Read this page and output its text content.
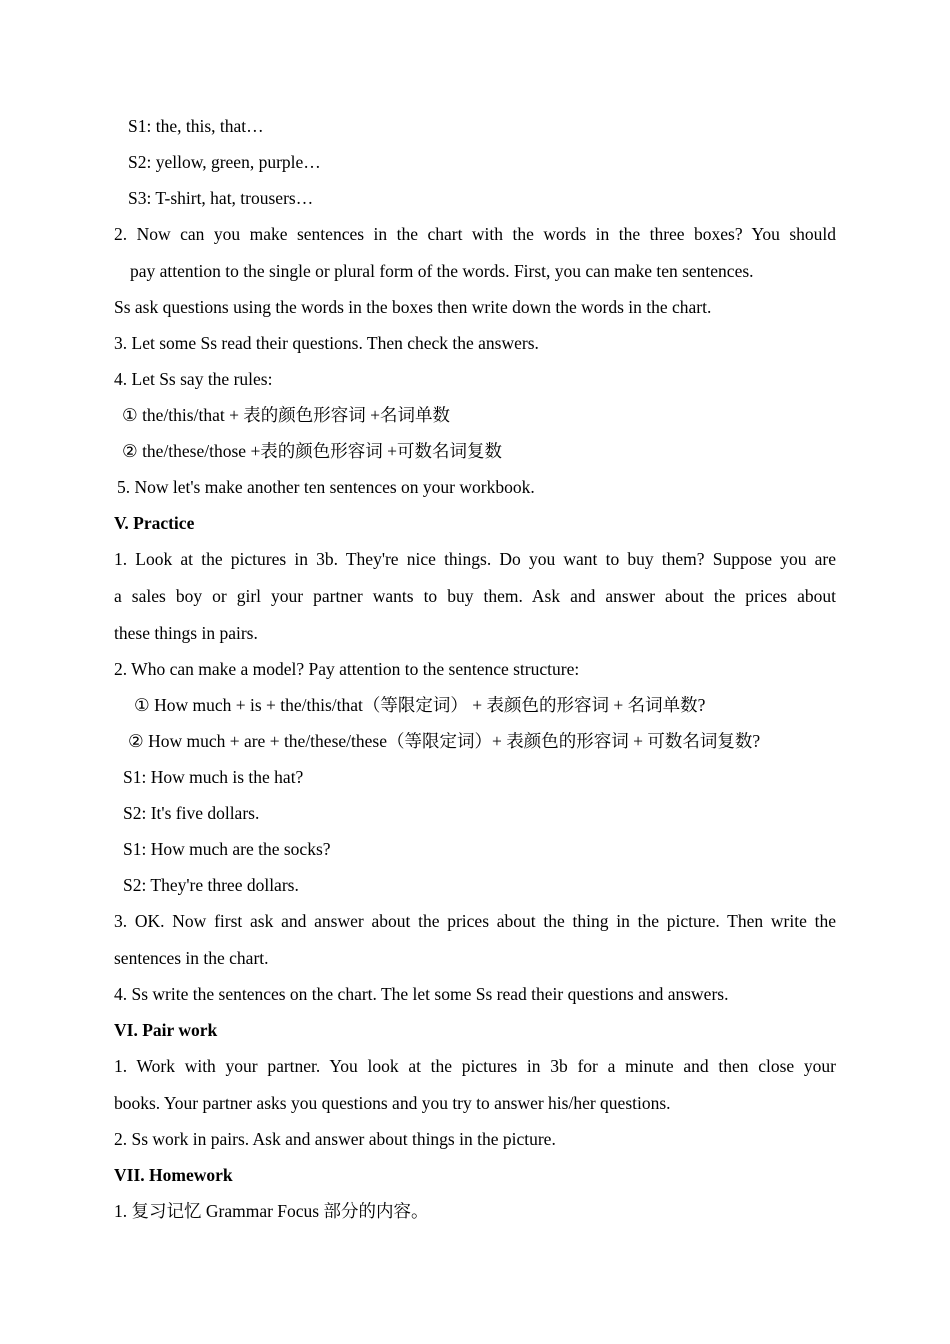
S1: the, this, that…
S2: yellow, green, purple…
S3: T-shirt, hat, trousers…
2. Now can you make sentences in the chart with the words in the three boxes? You should
pay attention to the single or plural form of the words. First, you can make ten sentences.
Ss ask questions using the words in the boxes then write down the words in the chart.
3. Let some Ss read their questions. Then check the answers.
4. Let Ss say the rules:
① the/this/that + 表的颜色形容词 +名词单数
② the/these/those +表的颜色形容词 +可数名词复数
5. Now let's make another ten sentences on your workbook.
V. Practice
1. Look at the pictures in 3b. They're nice things. Do you want to buy them? Suppose you are
a sales boy or girl your partner wants to buy them. Ask and answer about the prices about
these things in pairs.
2. Who can make a model? Pay attention to the sentence structure:
① How much + is + the/this/that（等限定词） + 表颜色的形容词 + 名词单数?
② How much + are + the/these/these（等限定词）+ 表颜色的形容词 + 可数名词复数?
S1: How much is the hat?
S2: It's five dollars.
S1: How much are the socks?
S2: They're three dollars.
3. OK. Now first ask and answer about the prices about the thing in the picture. Then write the
sentences in the chart.
4. Ss write the sentences on the chart. The let some Ss read their questions and answers.
VI. Pair work
1. Work with your partner. You look at the pictures in 3b for a minute and then close your
books. Your partner asks you questions and you try to answer his/her questions.
2. Ss work in pairs. Ask and answer about things in the picture.
VII. Homework
1. 复习记忆 Grammar Focus 部分的内容。
